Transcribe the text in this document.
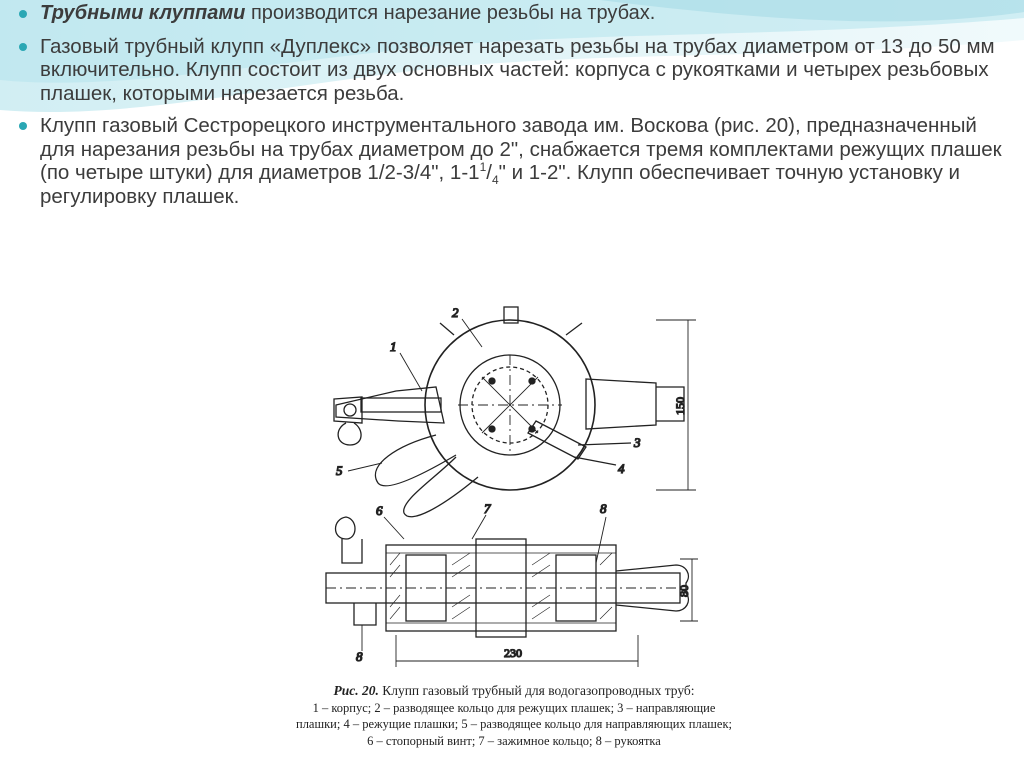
Трубными клуппами производится нарезание резьбы на трубах.
Газовый трубный клупп «Дуплекс» позволяет нарезать резьбы на трубах диаметром от 13 до 50 мм включительно. Клупп состоит из двух основных частей: корпуса с рукоятками и четырех резьбовых плашек, которыми нарезается резьба.
Клупп газовый Сестрорецкого инструментального завода им. Воскова (рис. 20), предназначенный для нарезания резьбы на трубах диаметром до 2", снабжается тремя комплектами режущих плашек (по четыре штуки) для диаметров 1/2-3/4", $1-1^1/_4$" и 1-2". Клупп обеспечивает точную установку и регулировку плашек.
1
2
3
4
5
6	7	8
8
150
80
230
Рис. 20. Клупп газовый трубный для водогазопроводных труб:
1 – корпус; 2 – разводящее кольцо для режущих плашек; 3 – направляющие
плашки; 4 – режущие плашки; 5 – разводящее кольцо для направляющих плашек;
6 – стопорный винт; 7 – зажимное кольцо; 8 – рукоятка
